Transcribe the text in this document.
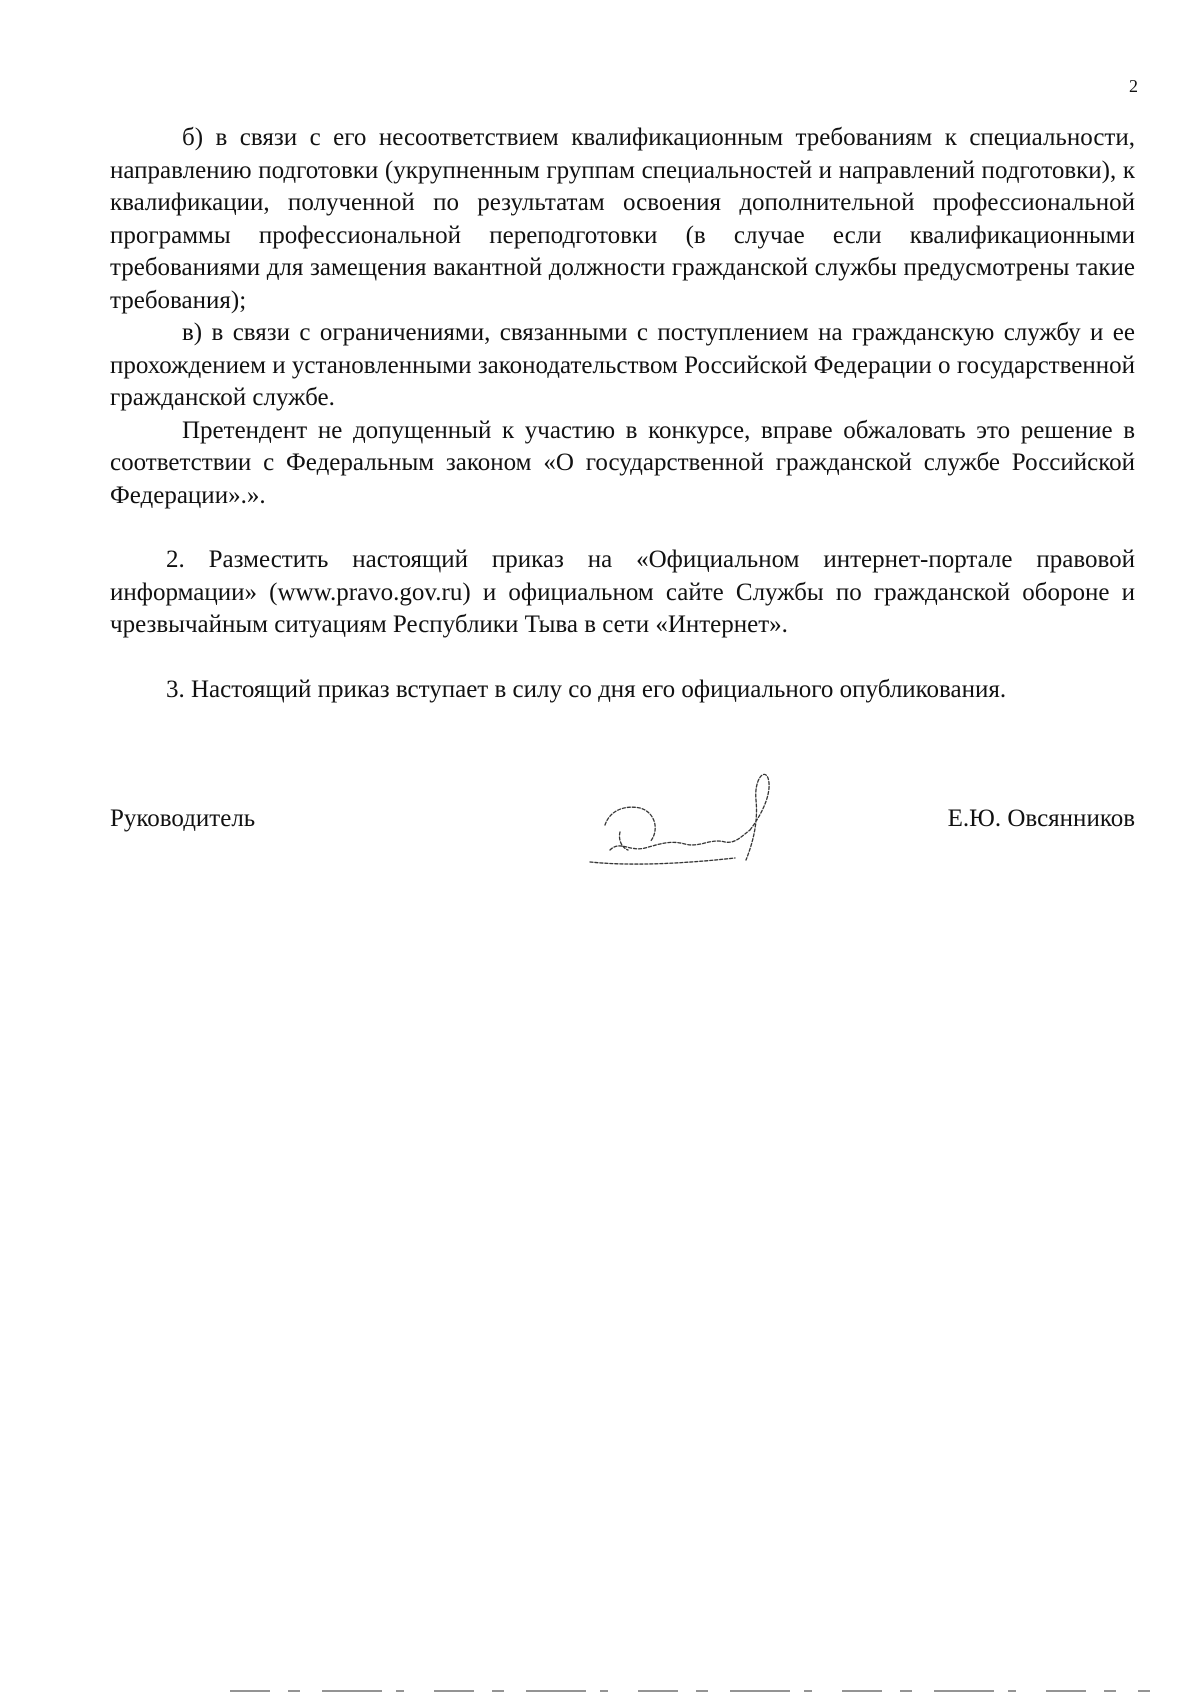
2

б) в связи с его несоответствием квалификационным требованиям к специальности, направлению подготовки (укрупненным группам специальностей и направлений подготовки), к квалификации, полученной по результатам освоения дополнительной профессиональной программы профессиональной переподготовки (в случае если квалификационными требованиями для замещения вакантной должности гражданской службы предусмотрены такие требования);

в) в связи с ограничениями, связанными с поступлением на гражданскую службу и ее прохождением и установленными законодательством Российской Федерации о государственной гражданской службе.

Претендент не допущенный к участию в конкурсе, вправе обжаловать это решение в соответствии с Федеральным законом «О государственной гражданской службе Российской Федерации».».

2. Разместить настоящий приказ на «Официальном интернет-портале правовой информации» (www.pravo.gov.ru) и официальном сайте Службы по гражданской обороне и чрезвычайным ситуациям Республики Тыва в сети «Интернет».

3. Настоящий приказ вступает в силу со дня его официального опубликования.

Руководитель	Е.Ю. Овсянников
